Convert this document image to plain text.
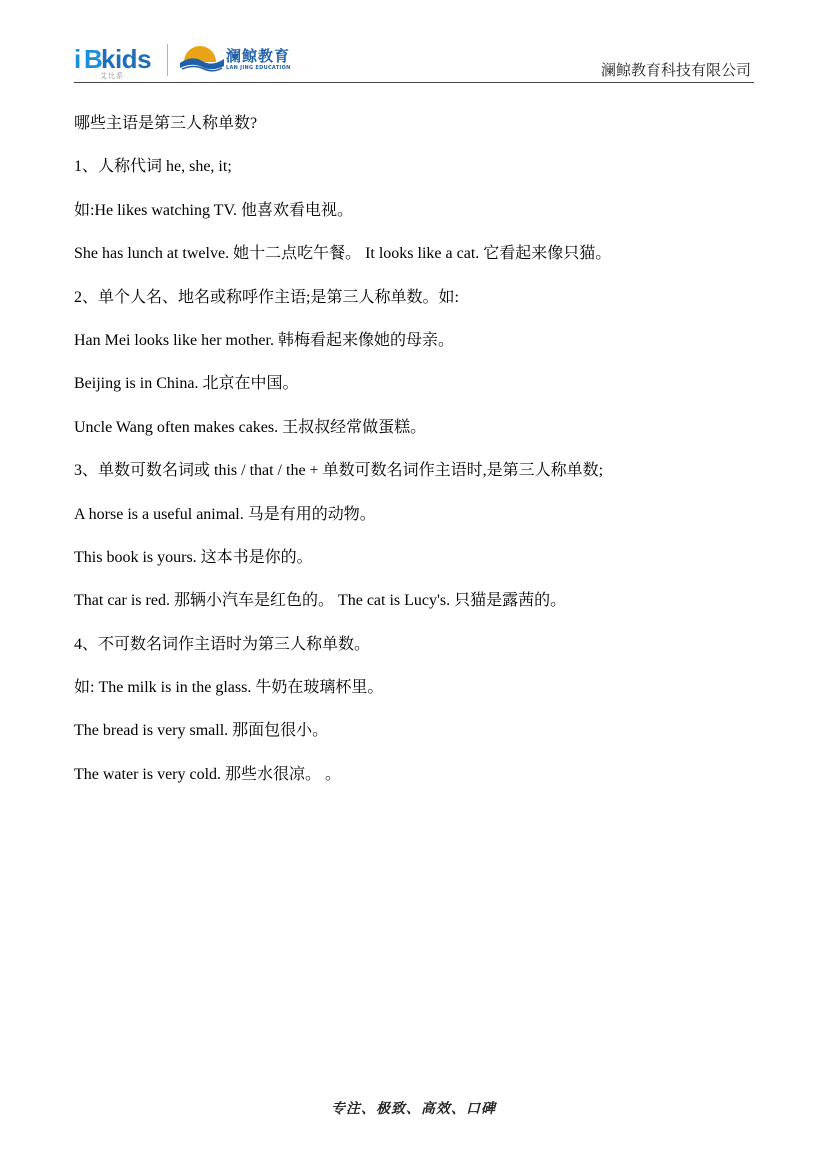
i B
kids
艾比系
澜鲸教育
LAN JING EDUCATION	澜鲸教育科技有限公司
哪些主语是第三人称单数?
1、人称代词 he, she, it;
如:He likes watching TV. 他喜欢看电视。
She has lunch at twelve. 她十二点吃午餐。 It looks like a cat. 它看起来像只猫。
2、单个人名、地名或称呼作主语;是第三人称单数。如:
Han Mei looks like her mother. 韩梅看起来像她的母亲。
Beijing is in China. 北京在中国。
Uncle Wang often makes cakes. 王叔叔经常做蛋糕。
3、单数可数名词或 this / that / the + 单数可数名词作主语时,是第三人称单数;
A horse is a useful animal. 马是有用的动物。
This book is yours. 这本书是你的。
That car is red. 那辆小汽车是红色的。 The cat is Lucy's. 只猫是露茜的。
4、不可数名词作主语时为第三人称单数。
如: The milk is in the glass. 牛奶在玻璃杯里。
The bread is very small. 那面包很小。
The water is very cold. 那些水很凉。 。
专注、极致、高效、口碑
